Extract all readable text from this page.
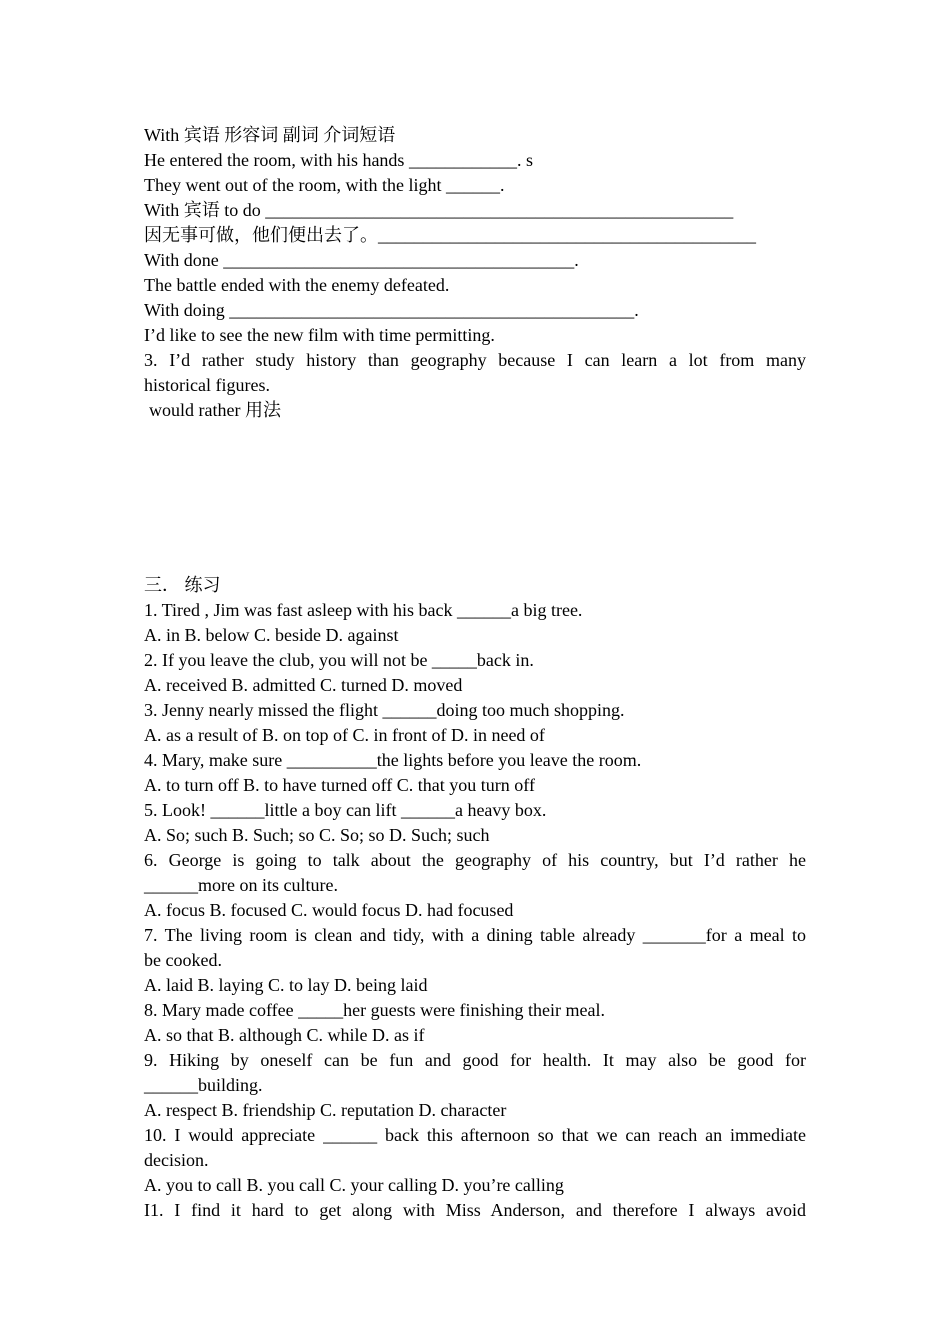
With 宾语 形容词 副词 介词短语
He entered the room, with his hands ____________. s
They went out of the room, with the light ______.
With 宾语 to do ____________________________________________________
因无事可做，他们便出去了。__________________________________________
With done _______________________________________.
The battle ended with the enemy defeated.
With doing _____________________________________________.
I’d like to see the new film with time permitting.
3. I’d rather study history than geography because I can learn a lot from many
historical figures.
would rather 用法
三． 练习
1. Tired , Jim was fast asleep with his back ______a big tree.
A. in B. below C. beside D. against
2. If you leave the club, you will not be _____back in.
A. received B. admitted C. turned D. moved
3. Jenny nearly missed the flight ______doing too much shopping.
A. as a result of B. on top of C. in front of D. in need of
4. Mary, make sure __________the lights before you leave the room.
A. to turn off B. to have turned off C. that you turn off
5. Look! ______little a boy can lift ______a heavy box.
A. So; such B. Such; so C. So; so D. Such; such
6. George is going to talk about the geography of his country, but I’d rather he
______more on its culture.
A. focus B. focused C. would focus D. had focused
7. The living room is clean and tidy, with a dining table already _______for a meal to
be cooked.
A. laid B. laying C. to lay D. being laid
8. Mary made coffee _____her guests were finishing their meal.
A. so that B. although C. while D. as if
9. Hiking by oneself can be fun and good for health. It may also be good for
______building.
A. respect B. friendship C. reputation D. character
10. I would appreciate ______ back this afternoon so that we can reach an immediate
decision.
A. you to call B. you call C. your calling D. you’re calling
I1. I find it hard to get along with Miss Anderson, and therefore I always avoid
